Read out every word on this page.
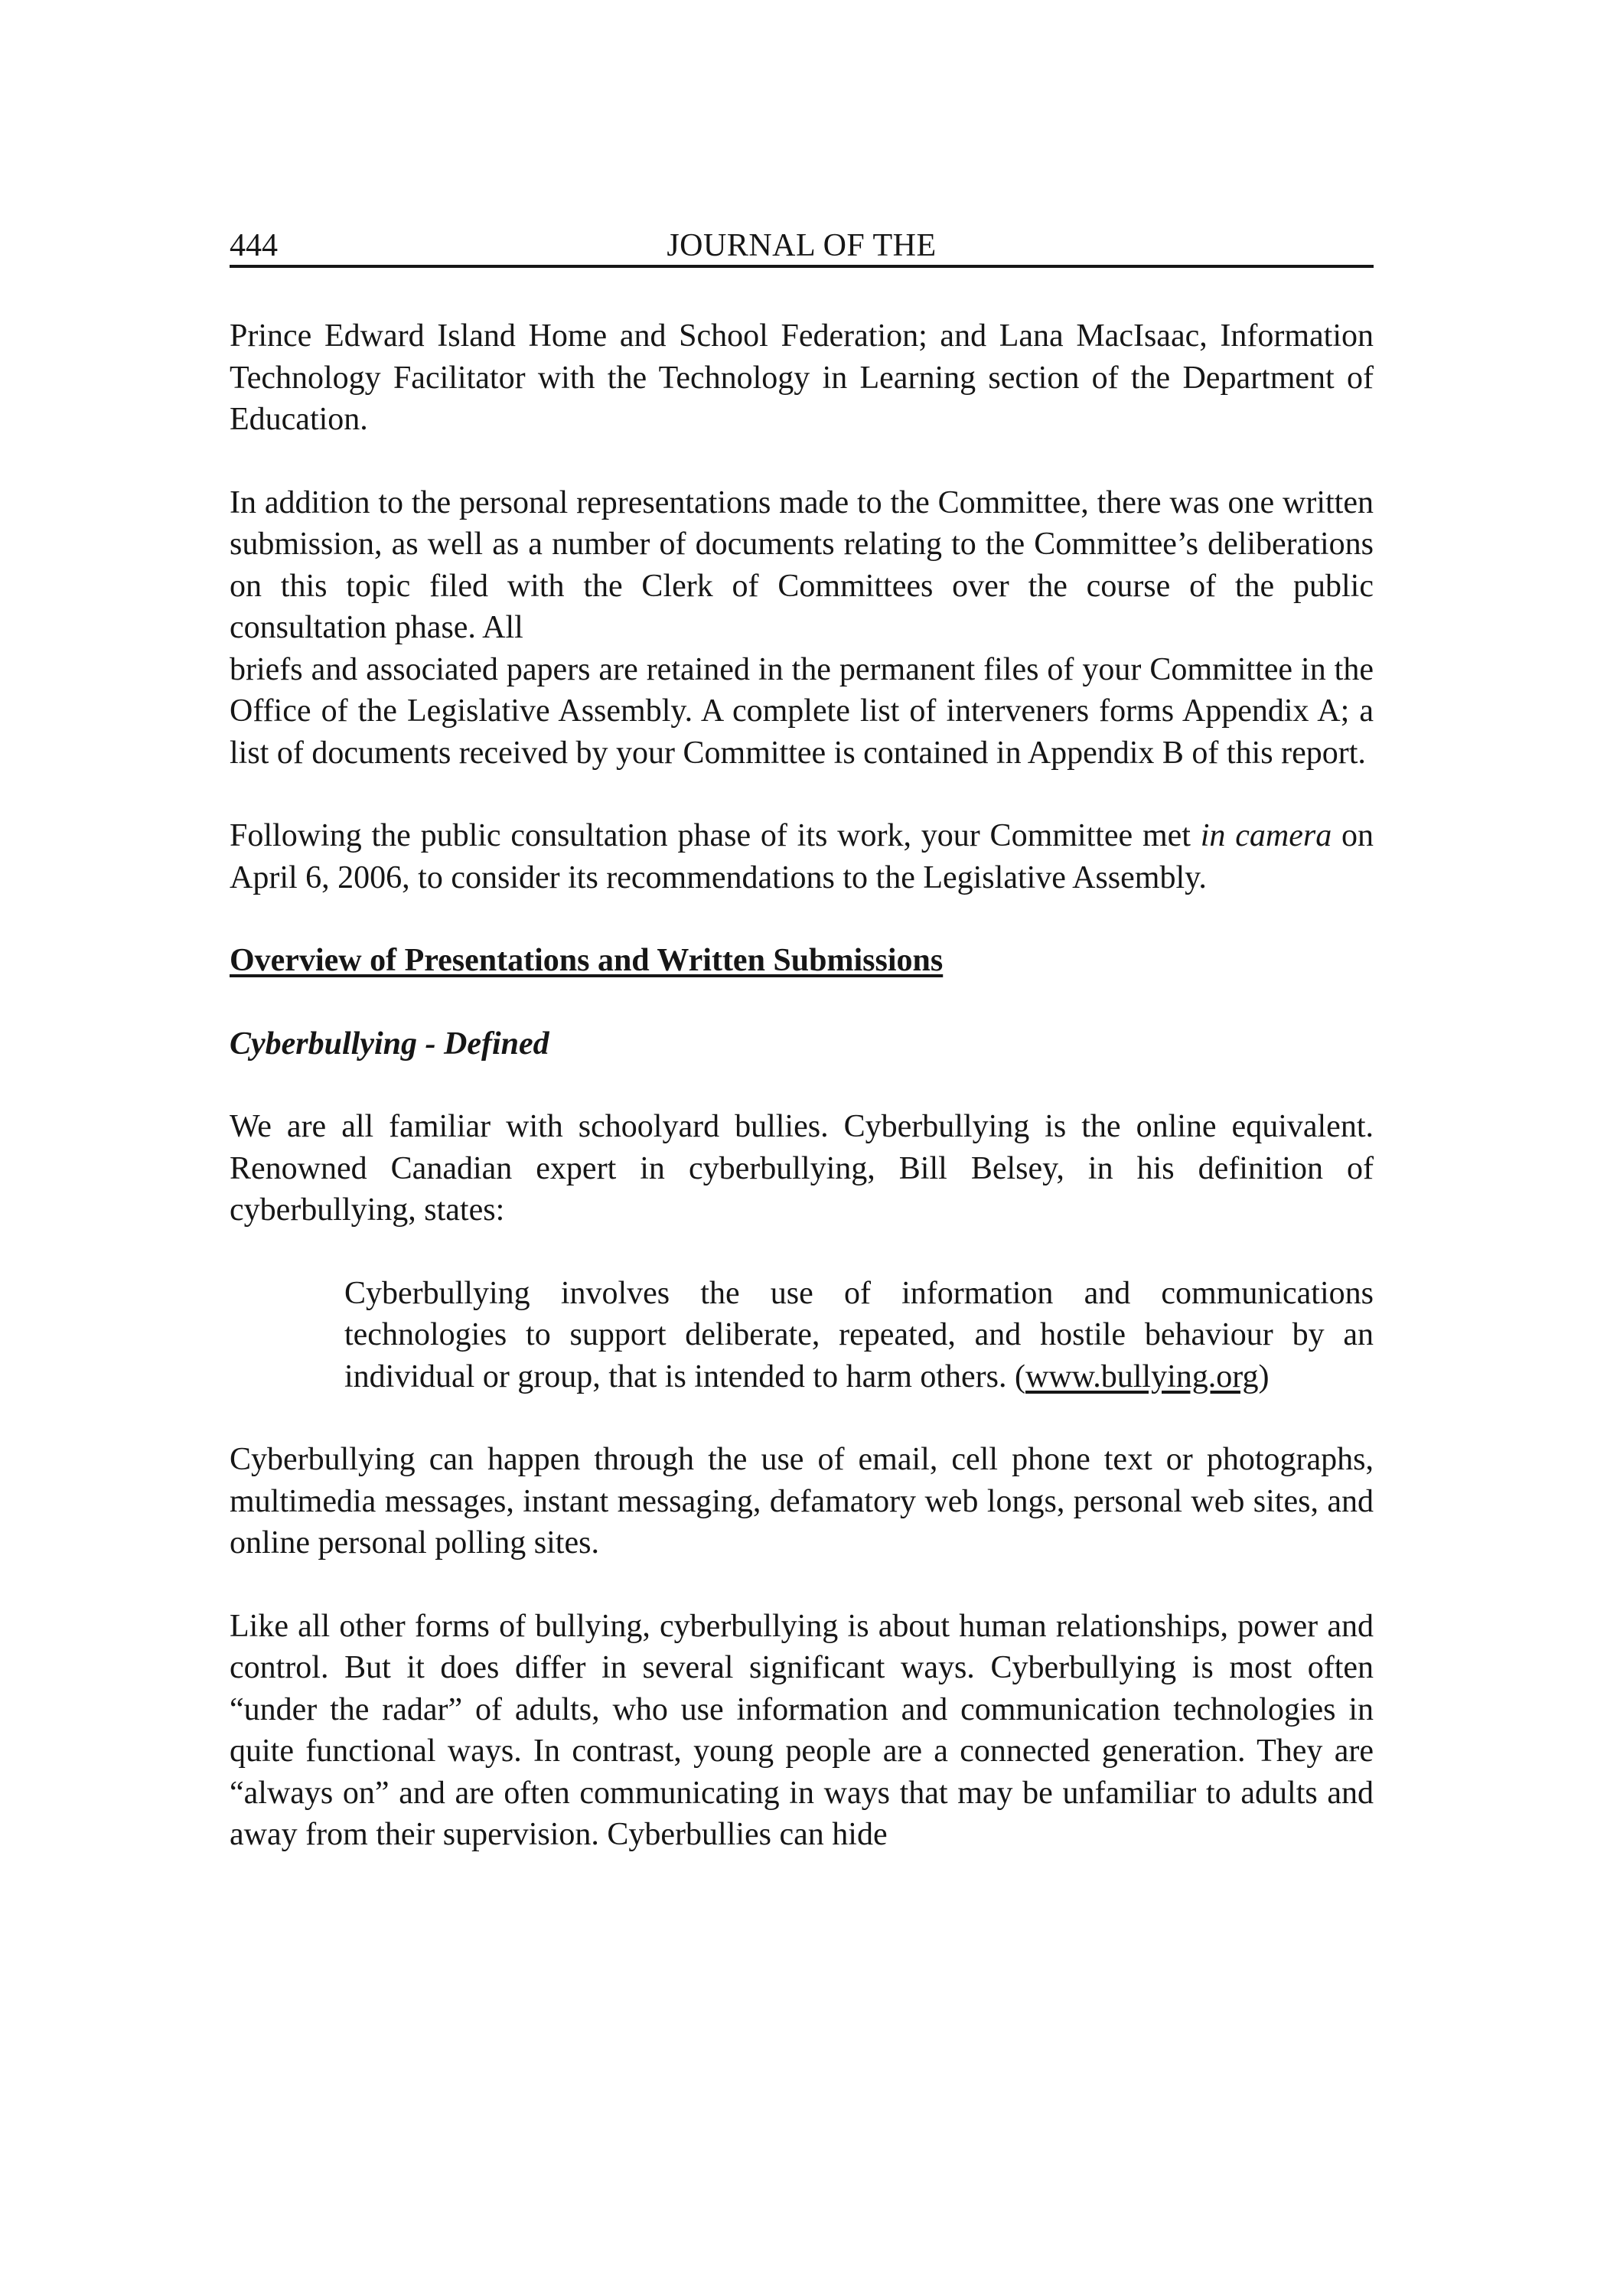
444	JOURNAL OF THE

Prince Edward Island Home and School Federation; and Lana MacIsaac, Information Technology Facilitator with the Technology in Learning section of the Department of Education.

In addition to the personal representations made to the Committee, there was one written submission, as well as a number of documents relating to the Committee’s deliberations on this topic filed with the Clerk of Committees over the course of the public consultation phase. All

briefs and associated papers are retained in the permanent files of your Committee in the Office of the Legislative Assembly. A complete list of interveners forms Appendix A; a list of documents received by your Committee is contained in Appendix B of this report.

Following the public consultation phase of its work, your Committee met in camera on April 6, 2006, to consider its recommendations to the Legislative Assembly.

Overview of Presentations and Written Submissions

Cyberbullying - Defined

We are all familiar with schoolyard bullies. Cyberbullying is the online equivalent. Renowned Canadian expert in cyberbullying, Bill Belsey, in his definition of cyberbullying, states:

Cyberbullying involves the use of information and communications technologies to support deliberate, repeated, and hostile behaviour by an individual or group, that is intended to harm others. (www.bullying.org)

Cyberbullying can happen through the use of email, cell phone text or photographs, multimedia messages, instant messaging, defamatory web longs, personal web sites, and online personal polling sites.

Like all other forms of bullying, cyberbullying is about human relationships, power and control. But it does differ in several significant ways. Cyberbullying is most often “under the radar” of adults, who use information and communication technologies in quite functional ways. In contrast, young people are a connected generation. They are “always on” and are often communicating in ways that may be unfamiliar to adults and away from their supervision. Cyberbullies can hide
